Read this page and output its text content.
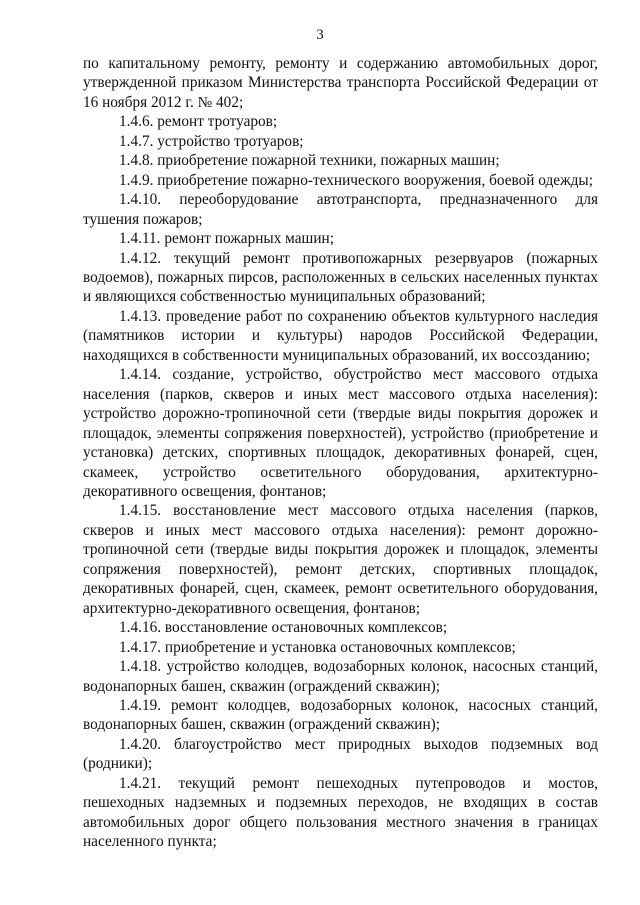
3

по капитальному ремонту, ремонту и содержанию автомобильных дорог, утвержденной приказом Министерства транспорта Российской Федерации от 16 ноября 2012 г. № 402;

1.4.6. ремонт тротуаров;

1.4.7. устройство тротуаров;

1.4.8. приобретение пожарной техники, пожарных машин;

1.4.9. приобретение пожарно-технического вооружения, боевой одежды;

1.4.10. переоборудование автотранспорта, предназначенного для тушения пожаров;

1.4.11. ремонт пожарных машин;

1.4.12. текущий ремонт противопожарных резервуаров (пожарных водоемов), пожарных пирсов, расположенных в сельских населенных пунктах и являющихся собственностью муниципальных образований;

1.4.13. проведение работ по сохранению объектов культурного наследия (памятников истории и культуры) народов Российской Федерации, находящихся в собственности муниципальных образований, их воссозданию;

1.4.14. создание, устройство, обустройство мест массового отдыха населения (парков, скверов и иных мест массового отдыха населения): устройство дорожно-тропиночной сети (твердые виды покрытия дорожек и площадок, элементы сопряжения поверхностей), устройство (приобретение и установка) детских, спортивных площадок, декоративных фонарей, сцен, скамеек, устройство осветительного оборудования, архитектурно-декоративного освещения, фонтанов;

1.4.15. восстановление мест массового отдыха населения (парков, скверов и иных мест массового отдыха населения): ремонт дорожно-тропиночной сети (твердые виды покрытия дорожек и площадок, элементы сопряжения поверхностей), ремонт детских, спортивных площадок, декоративных фонарей, сцен, скамеек, ремонт осветительного оборудования, архитектурно-декоративного освещения, фонтанов;

1.4.16. восстановление остановочных комплексов;

1.4.17. приобретение и установка остановочных комплексов;

1.4.18. устройство колодцев, водозаборных колонок, насосных станций, водонапорных башен, скважин (ограждений скважин);

1.4.19. ремонт колодцев, водозаборных колонок, насосных станций, водонапорных башен, скважин (ограждений скважин);

1.4.20. благоустройство мест природных выходов подземных вод (родники);

1.4.21. текущий ремонт пешеходных путепроводов и мостов, пешеходных надземных и подземных переходов, не входящих в состав автомобильных дорог общего пользования местного значения в границах населенного пункта;
